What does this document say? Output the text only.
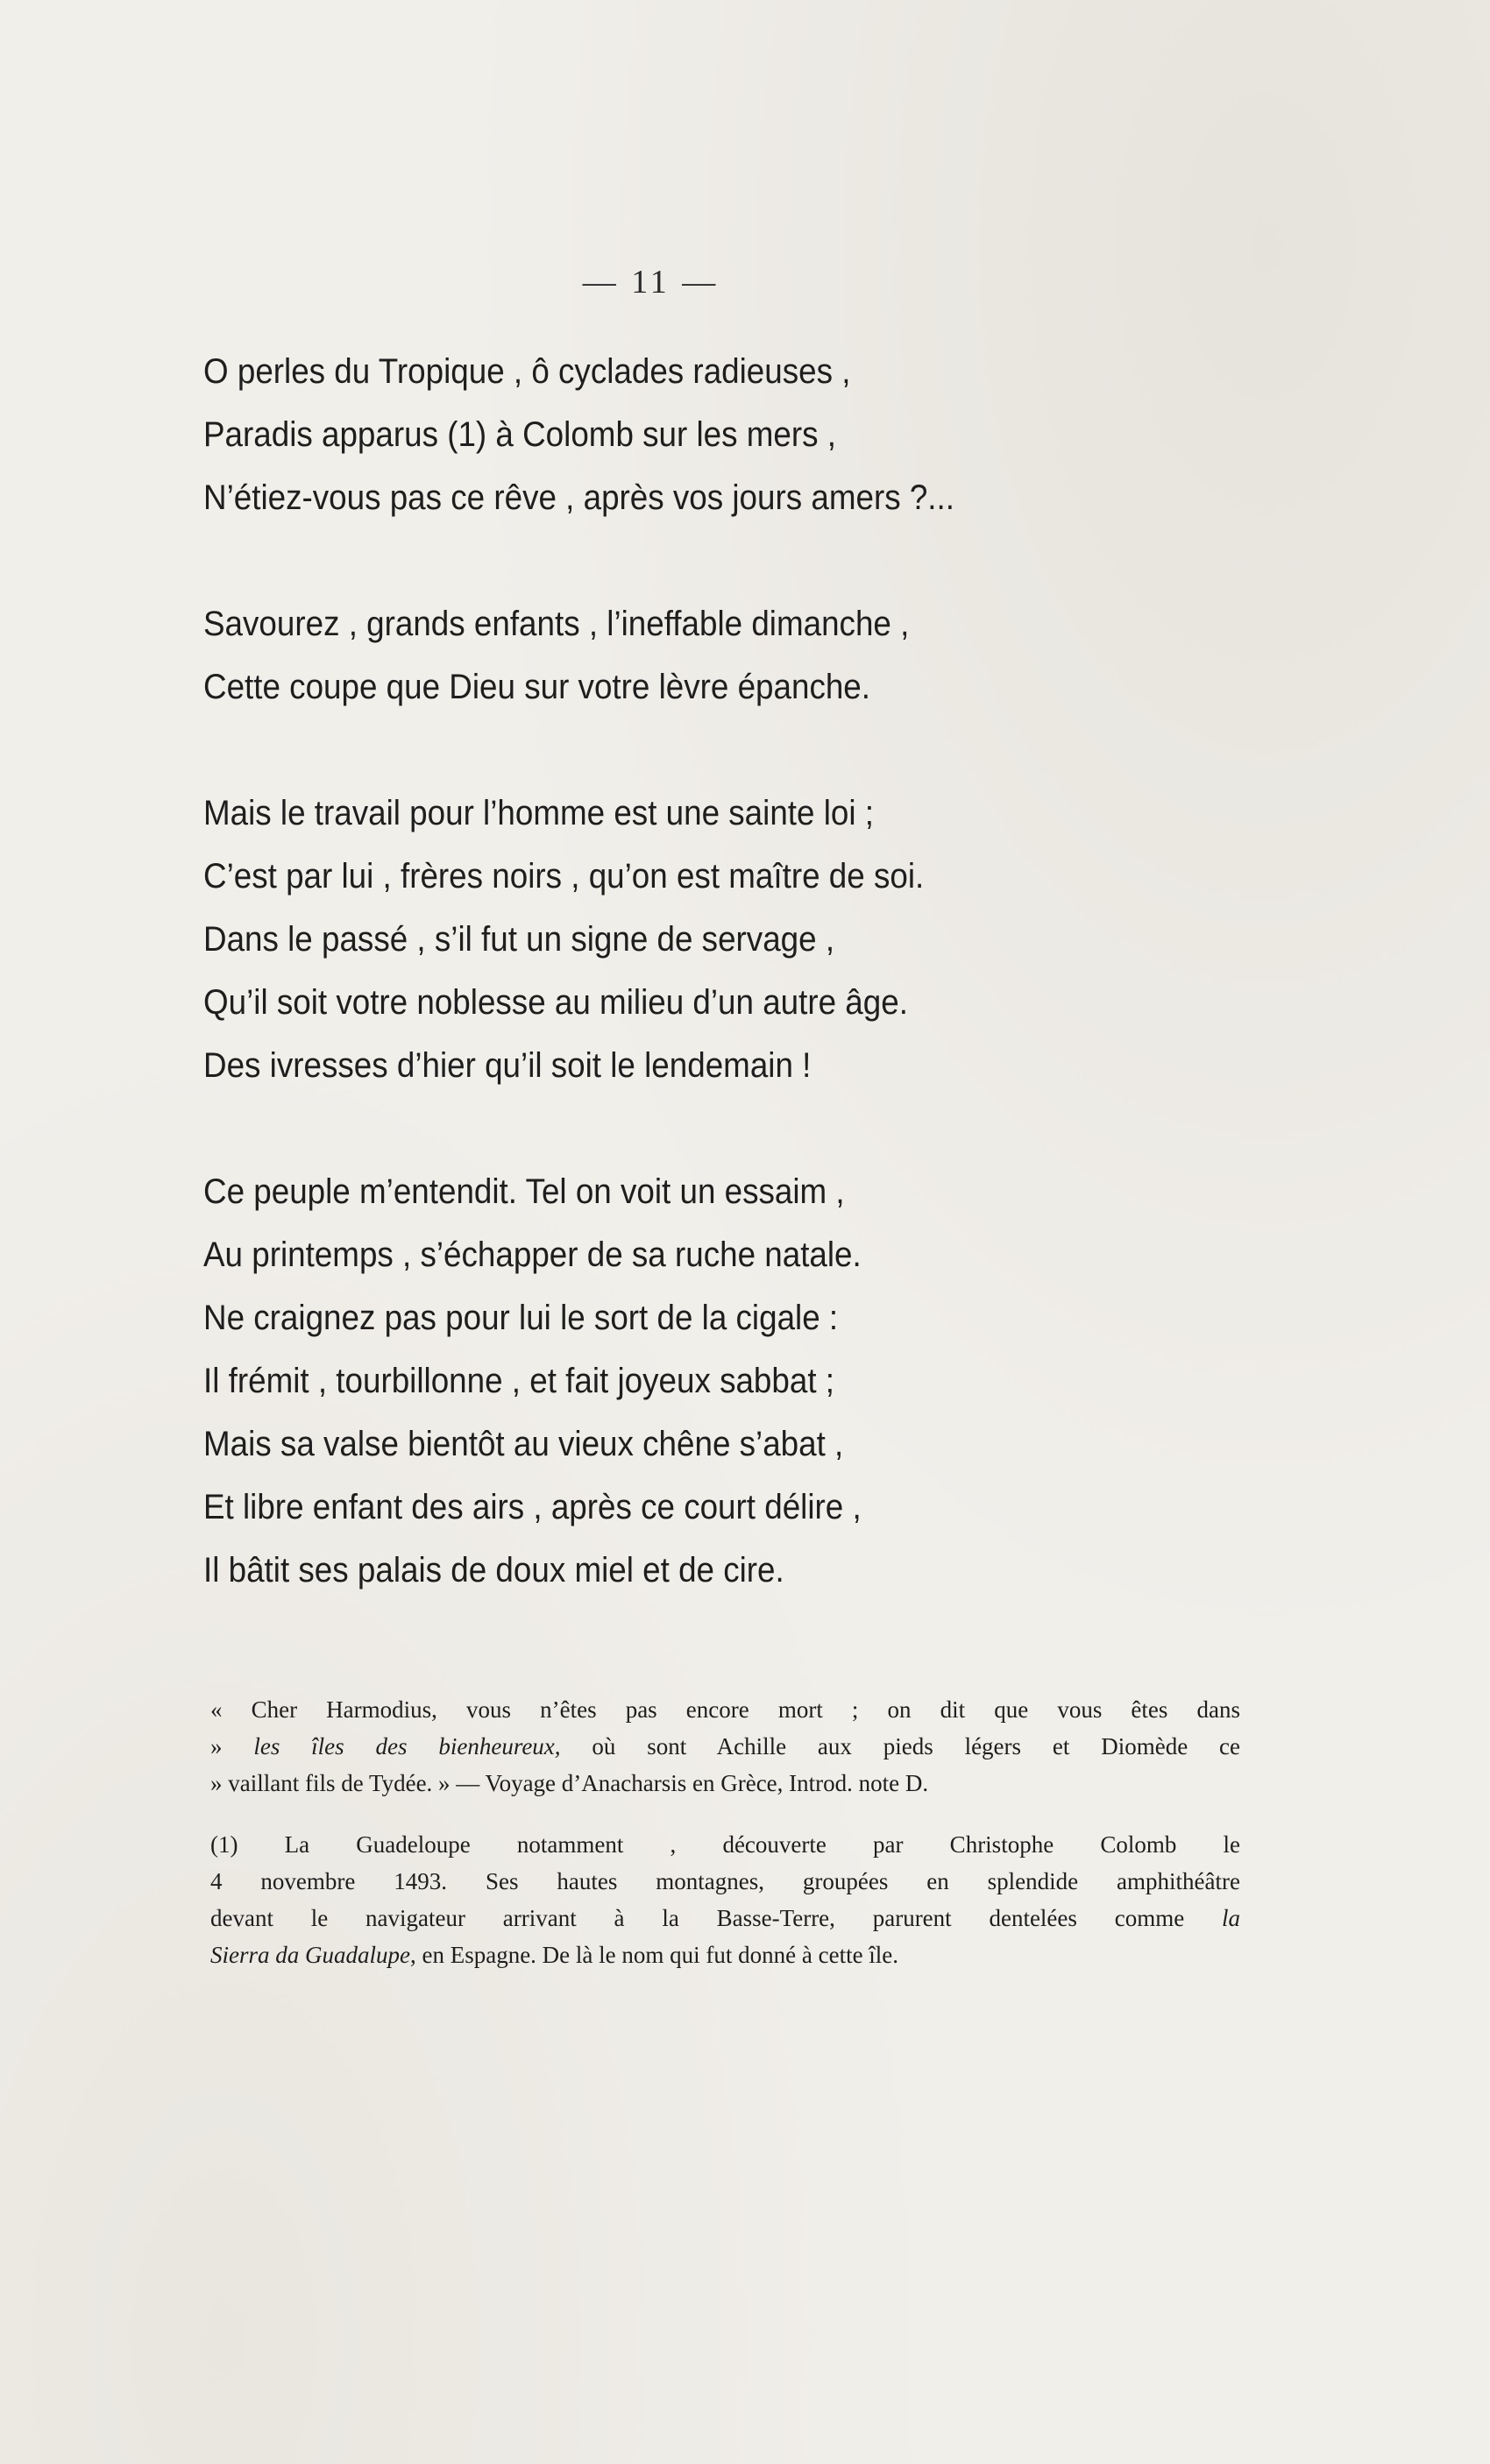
— 11 —
O perles du Tropique , ô cyclades radieuses ,
Paradis apparus (1) à Colomb sur les mers ,
N’étiez-vous pas ce rêve , après vos jours amers ?...
Savourez , grands enfants , l’ineffable dimanche ,
Cette coupe que Dieu sur votre lèvre épanche.
Mais le travail pour l’homme est une sainte loi ;
C’est par lui , frères noirs , qu’on est maître de soi.
Dans le passé , s’il fut un signe de servage ,
Qu’il soit votre noblesse au milieu d’un autre âge.
Des ivresses d’hier qu’il soit le lendemain !
Ce peuple m’entendit. Tel on voit un essaim ,
Au printemps , s’échapper de sa ruche natale.
Ne craignez pas pour lui le sort de la cigale :
Il frémit , tourbillonne , et fait joyeux sabbat ;
Mais sa valse bientôt au vieux chêne s’abat ,
Et libre enfant des airs , après ce court délire ,
Il bâtit ses palais de doux miel et de cire.
« Cher Harmodius, vous n’êtes pas encore mort ; on dit que vous êtes dans
» les îles des bienheureux, où sont Achille aux pieds légers et Diomède ce
» vaillant fils de Tydée. » — Voyage d’Anacharsis en Grèce, Introd. note D.
(1) La Guadeloupe notamment , découverte par Christophe Colomb le
4 novembre 1493. Ses hautes montagnes, groupées en splendide amphithéâtre
devant le navigateur arrivant à la Basse-Terre, parurent dentelées comme la
Sierra da Guadalupe, en Espagne. De là le nom qui fut donné à cette île.
